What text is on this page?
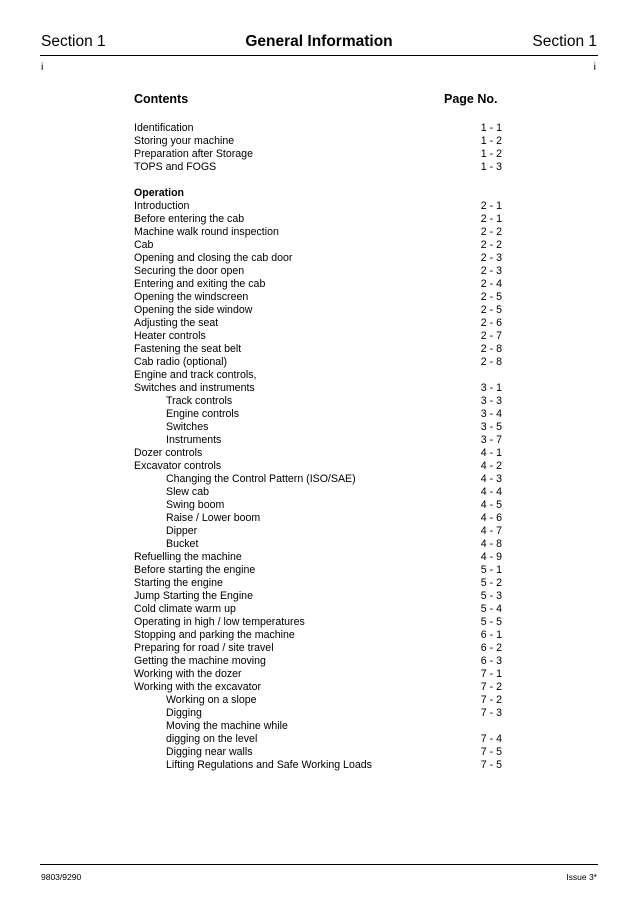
Section 1	General Information	Section 1
i	i
Contents	Page No.
Identification	1 - 1
Storing your machine	1 - 2
Preparation after Storage	1 - 2
TOPS and FOGS	1 - 3
Operation
Introduction	2 - 1
Before entering the cab	2 - 1
Machine walk round inspection	2 - 2
Cab	2 - 2
Opening and closing the cab door	2 - 3
Securing the door open	2 - 3
Entering and exiting the cab	2 - 4
Opening the windscreen	2 - 5
Opening the side window	2 - 5
Adjusting the seat	2 - 6
Heater controls	2 - 7
Fastening the seat belt	2 - 8
Cab radio (optional)	2 - 8
Engine and track controls,
Switches and instruments	3 - 1
Track controls	3 - 3
Engine controls	3 - 4
Switches	3 - 5
Instruments	3 - 7
Dozer controls	4 - 1
Excavator controls	4 - 2
Changing the Control Pattern (ISO/SAE)	4 - 3
Slew cab	4 - 4
Swing boom	4 - 5
Raise / Lower boom	4 - 6
Dipper	4 - 7
Bucket	4 - 8
Refuelling the machine	4 - 9
Before starting the engine	5 - 1
Starting the engine	5 - 2
Jump Starting the Engine	5 - 3
Cold climate warm up	5 - 4
Operating in high / low temperatures	5 - 5
Stopping and parking the machine	6 - 1
Preparing for road / site travel	6 - 2
Getting the machine moving	6 - 3
Working with the dozer	7 - 1
Working with the excavator	7 - 2
Working on a slope	7 - 2
Digging	7 - 3
Moving the machine while
digging on the level	7 - 4
Digging near walls	7 - 5
Lifting Regulations and Safe Working Loads	7 - 5
9803/9290	Issue 3*
